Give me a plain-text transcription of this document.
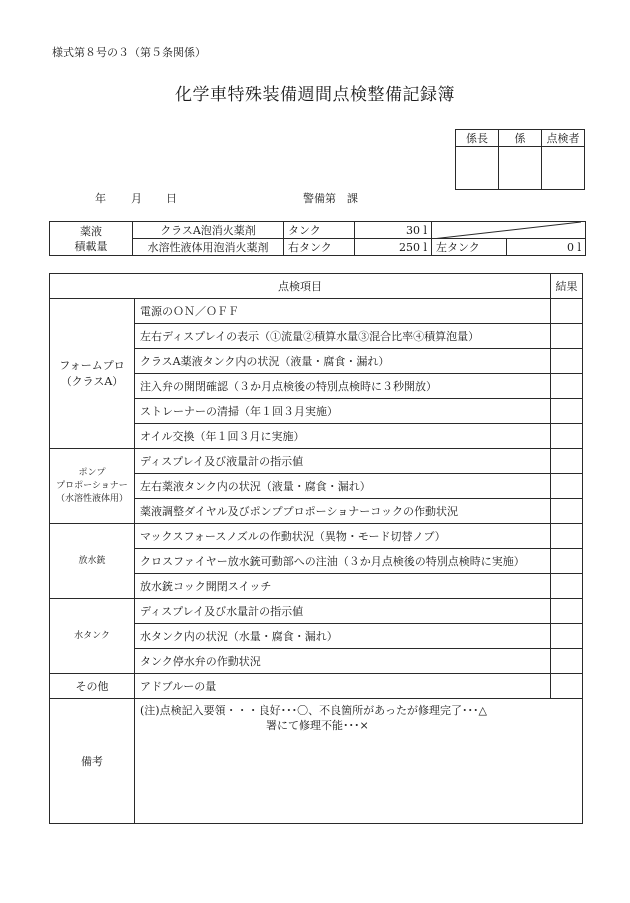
様式第８号の３（第５条関係）
化学車特殊装備週間点検整備記録簿
係長	係	点検者

年 月 日	警備第　課
薬液
積載量	クラスA泡消火薬剤	タンク	30 l	

	水溶性液体用泡消火薬剤	右タンク	250 l	左タンク	0 l
点検項目		結果

フォームプロ
（クラスA）	電源のＯＮ／ＯＦＦ	
	左右ディスプレイの表示（①流量②積算水量③混合比率④積算泡量）	
	クラスA薬液タンク内の状況（液量・腐食・漏れ）	
	注入弁の開閉確認（３か月点検後の特別点検時に３秒開放）	
	ストレーナーの清掃（年１回３月実施）	
	オイル交換（年１回３月に実施）	

ポンプ
プロポーショナー
（水溶性液体用）	ディスプレイ及び液量計の指示値	
	左右薬液タンク内の状況（液量・腐食・漏れ）	
	薬液調整ダイヤル及びポンププロポーショナーコックの作動状況	
放水銃	マックスフォースノズルの作動状況（異物・モード切替ノブ）	
	クロスファイヤー放水銃可動部への注油（３か月点検後の特別点検時に実施）	
	放水銃コック開閉スイッチ	
水タンク	ディスプレイ及び水量計の指示値	
	水タンク内の状況（水量・腐食・漏れ）	
	タンク停水弁の作動状況	
その他	アドブルーの量	
備考	(注)点検記入要領・・・良好･･･〇、不良箇所があったが修理完了･･･△
署にて修理不能･･･×	
